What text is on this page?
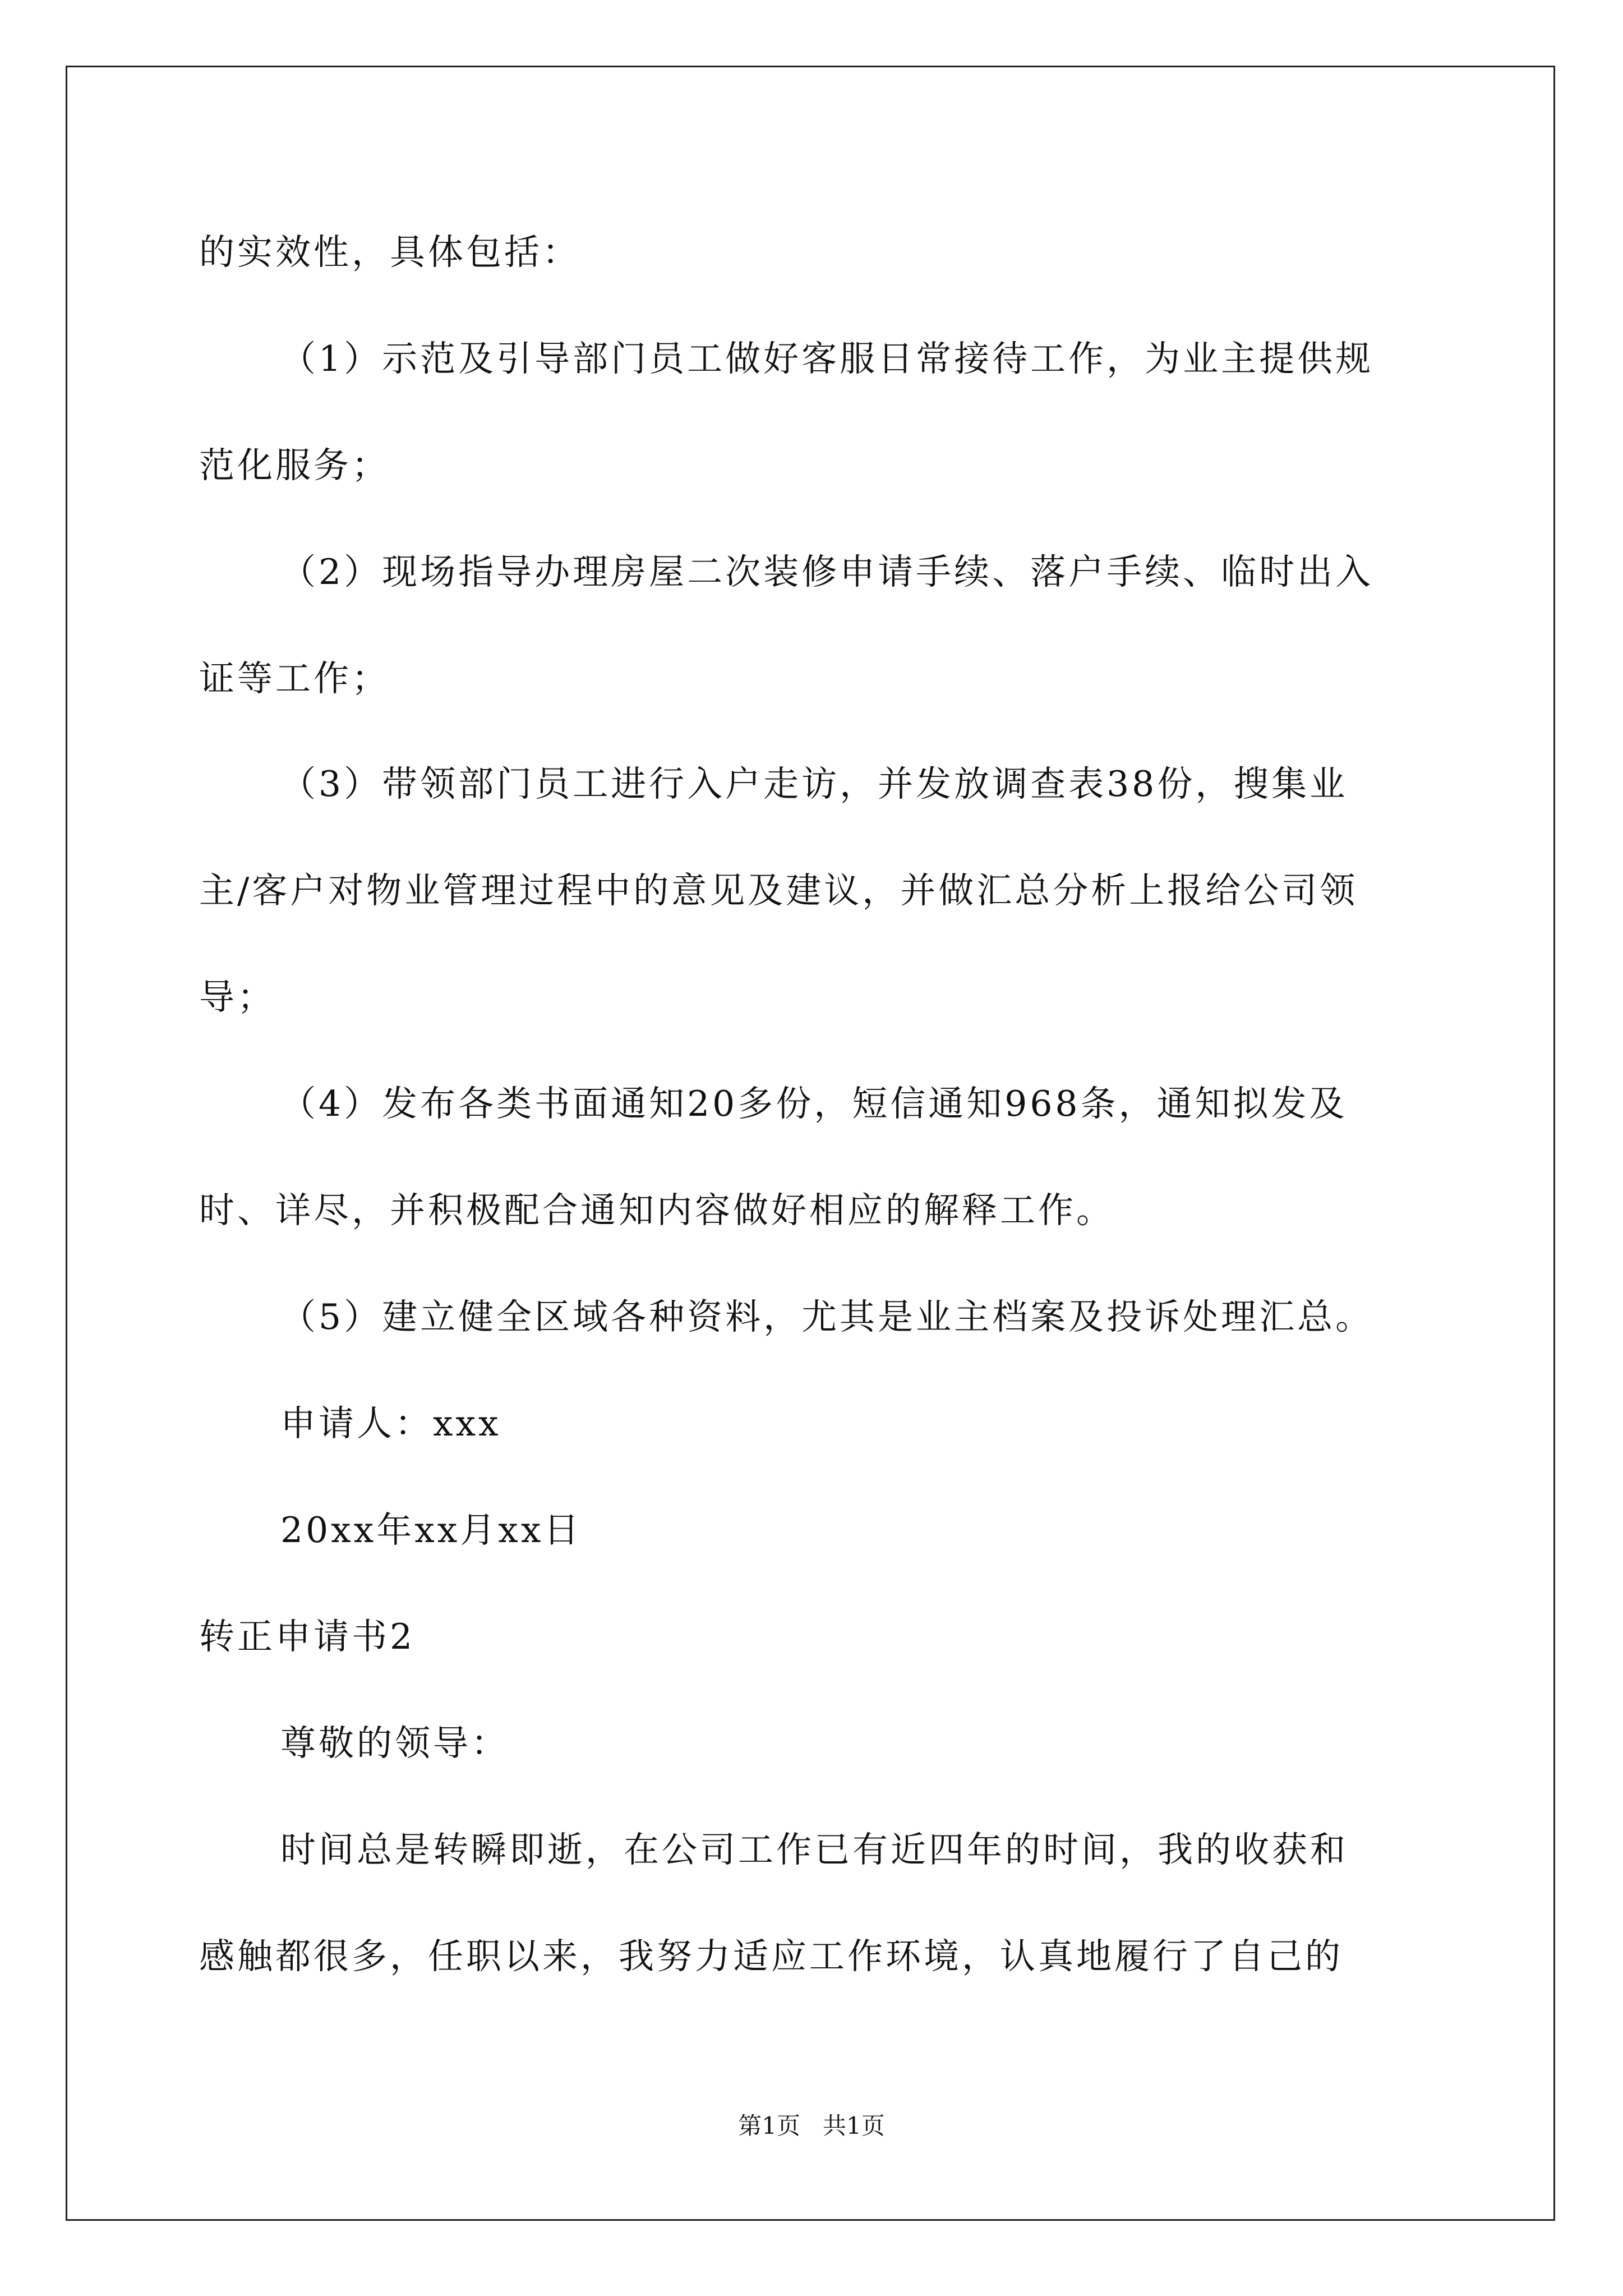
的实效性，具体包括：
（1）示范及引导部门员工做好客服日常接待工作，为业主提供规
范化服务；
（2）现场指导办理房屋二次装修申请手续、落户手续、临时出入
证等工作；
（3）带领部门员工进行入户走访，并发放调查表38份，搜集业
主/客户对物业管理过程中的意见及建议，并做汇总分析上报给公司领
导；
（4）发布各类书面通知20多份，短信通知968条，通知拟发及
时、详尽，并积极配合通知内容做好相应的解释工作。
（5）建立健全区域各种资料，尤其是业主档案及投诉处理汇总。
申请人：xxx
20xx年xx月xx日
转正申请书2
尊敬的领导：
时间总是转瞬即逝，在公司工作已有近四年的时间，我的收获和
感触都很多，任职以来，我努力适应工作环境，认真地履行了自己的
第1页   共1页
